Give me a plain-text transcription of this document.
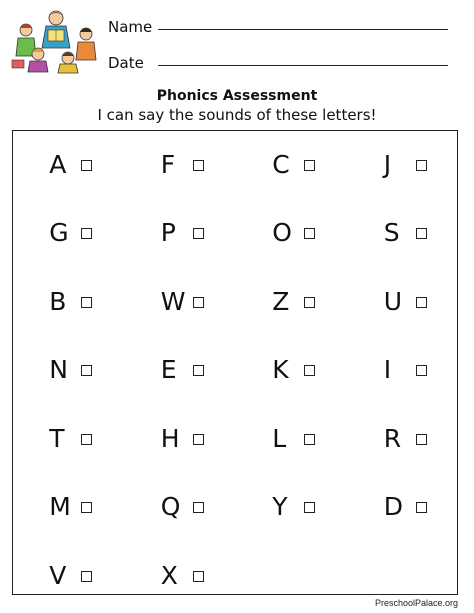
Name
Date
Phonics Assessment
I can say the sounds of these letters!
A	F	C	J
G	P	O	S
B	W	Z	U
N	E	K	I
T	H	L	R
M	Q	Y	D
V	X
PreschoolPalace.org
